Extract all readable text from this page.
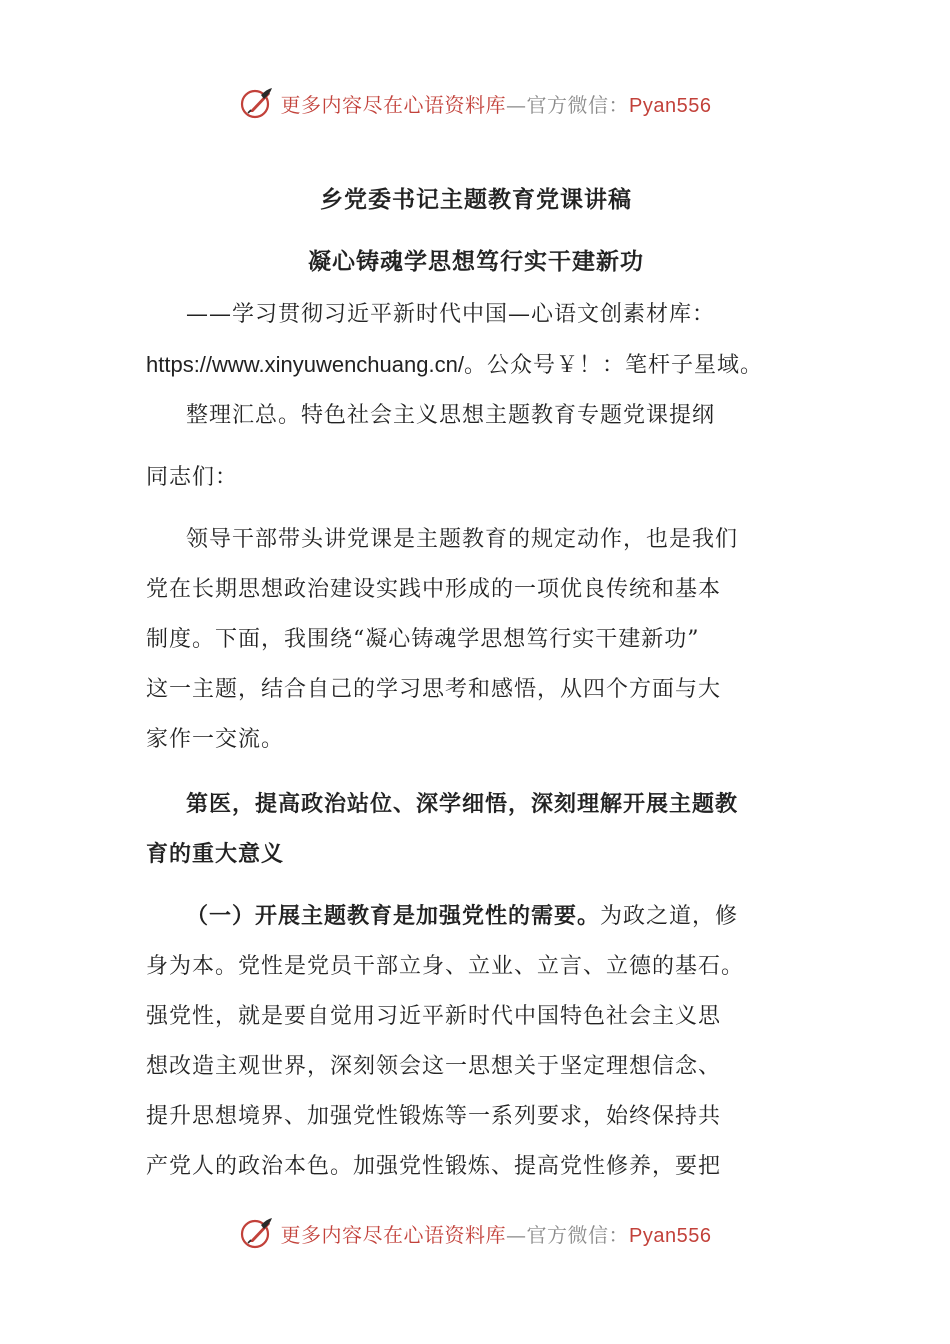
更多内容尽在心语资料库—官方微信：Pyan556

乡党委书记主题教育党课讲稿

凝心铸魂学思想笃行实干建新功

——学习贯彻习近平新时代中国—心语文创素材库：

https://www.xinyuwenchuang.cn/。公众号￥！：笔杆子星域。

整理汇总。特色社会主义思想主题教育专题党课提纲

同志们：

领导干部带头讲党课是主题教育的规定动作，也是我们

党在长期思想政治建设实践中形成的一项优良传统和基本

制度。下面，我围绕“凝心铸魂学思想笃行实干建新功”

这一主题，结合自己的学习思考和感悟，从四个方面与大

家作一交流。

第医，提高政治站位、深学细悟，深刻理解开展主题教

育的重大意义

（一）开展主题教育是加强党性的需要。为政之道，修

身为本。党性是党员干部立身、立业、立言、立德的基石。

强党性，就是要自觉用习近平新时代中国特色社会主义思

想改造主观世界，深刻领会这一思想关于坚定理想信念、

提升思想境界、加强党性锻炼等一系列要求，始终保持共

产党人的政治本色。加强党性锻炼、提高党性修养，要把

更多内容尽在心语资料库—官方微信：Pyan556
